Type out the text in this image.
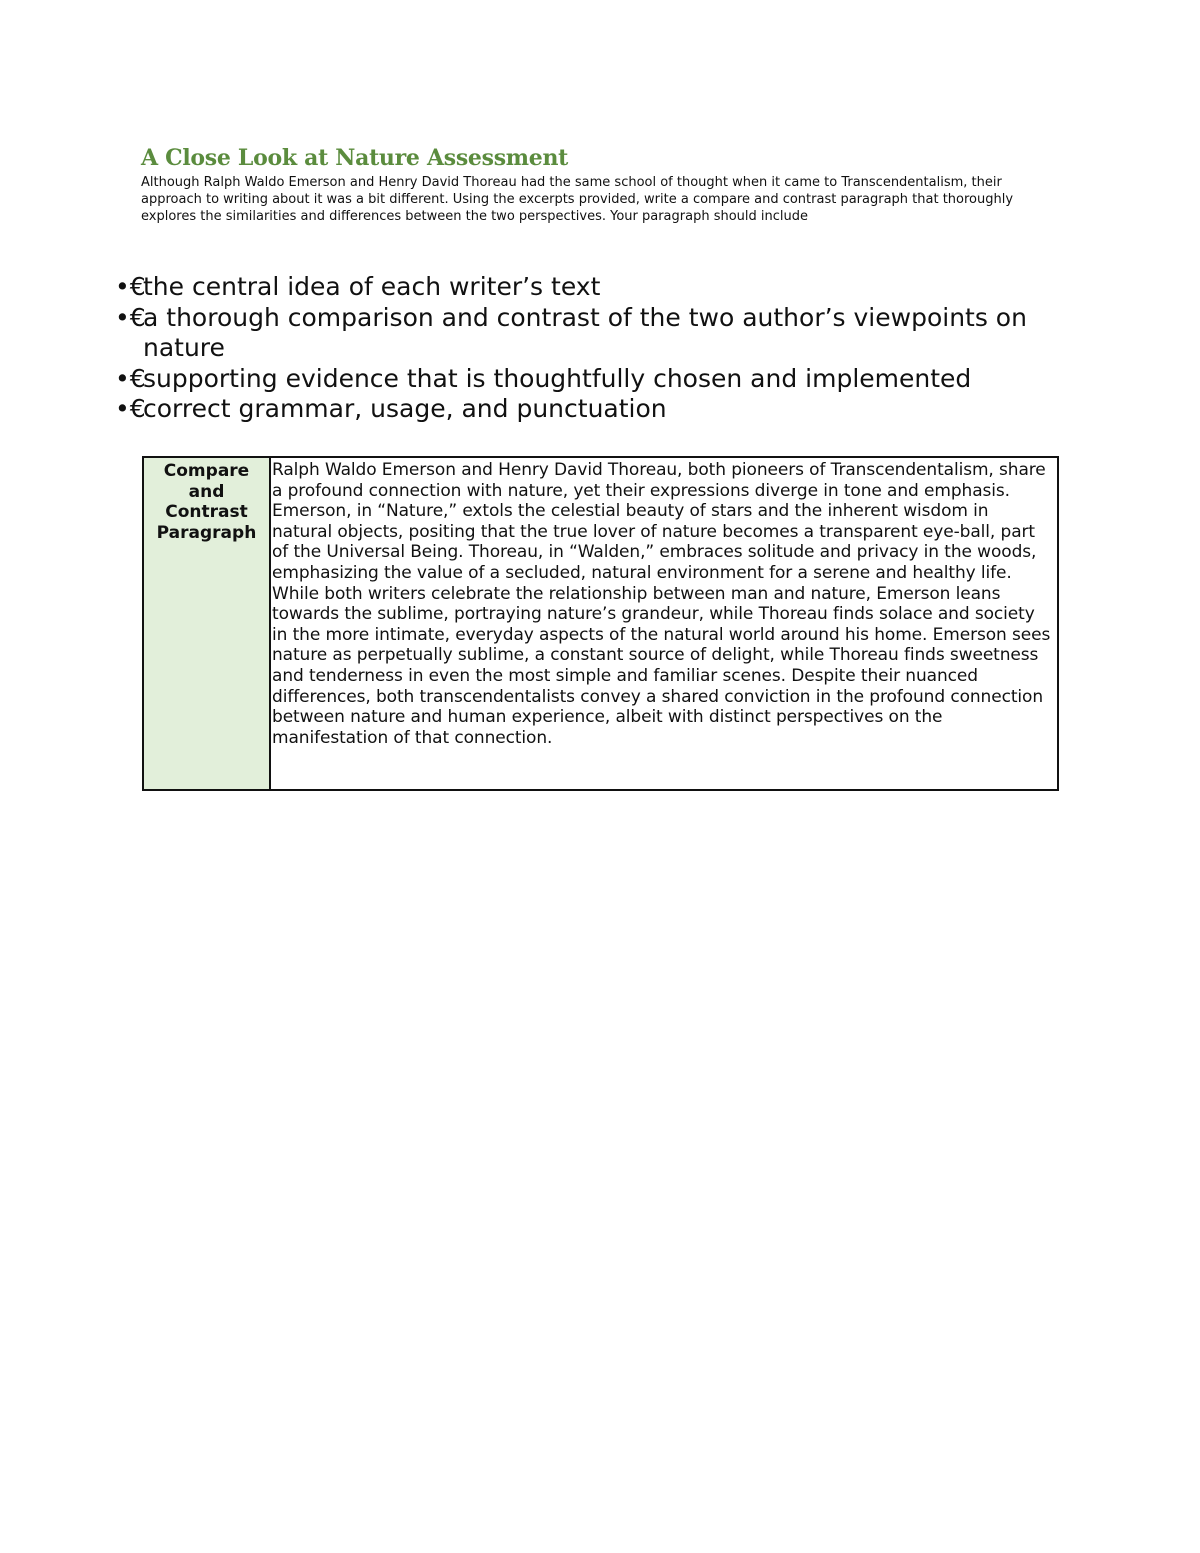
A Close Look at Nature Assessment

Although Ralph Waldo Emerson and Henry David Thoreau had the same school of thought when it came to Transcendentalism, their approach to writing about it was a bit different. Using the excerpts provided, write a compare and contrast paragraph that thoroughly explores the similarities and differences between the two perspectives. Your paragraph should include

•€
the central idea of each writer’s text
•€
a thorough comparison and contrast of the two author’s viewpoints on nature
•€
supporting evidence that is thoughtfully chosen and implemented
•€
correct grammar, usage, and punctuation
Compare
and
Contrast
Paragraph
Ralph Waldo Emerson and Henry David Thoreau, both pioneers of Transcendentalism, share a profound connection with nature, yet their expressions diverge in tone and emphasis. Emerson, in “Nature,” extols the celestial beauty of stars and the inherent wisdom in natural objects, positing that the true lover of nature becomes a transparent eye-ball, part of the Universal Being. Thoreau, in “Walden,” embraces solitude and privacy in the woods, emphasizing the value of a secluded, natural environment for a serene and healthy life. While both writers celebrate the relationship between man and nature, Emerson leans towards the sublime, portraying nature’s grandeur, while Thoreau finds solace and society in the more intimate, everyday aspects of the natural world around his home. Emerson sees nature as perpetually sublime, a constant source of delight, while Thoreau finds sweetness and tenderness in even the most simple and familiar scenes. Despite their nuanced differences, both transcendentalists convey a shared conviction in the profound connection between nature and human experience, albeit with distinct perspectives on the manifestation of that connection.
